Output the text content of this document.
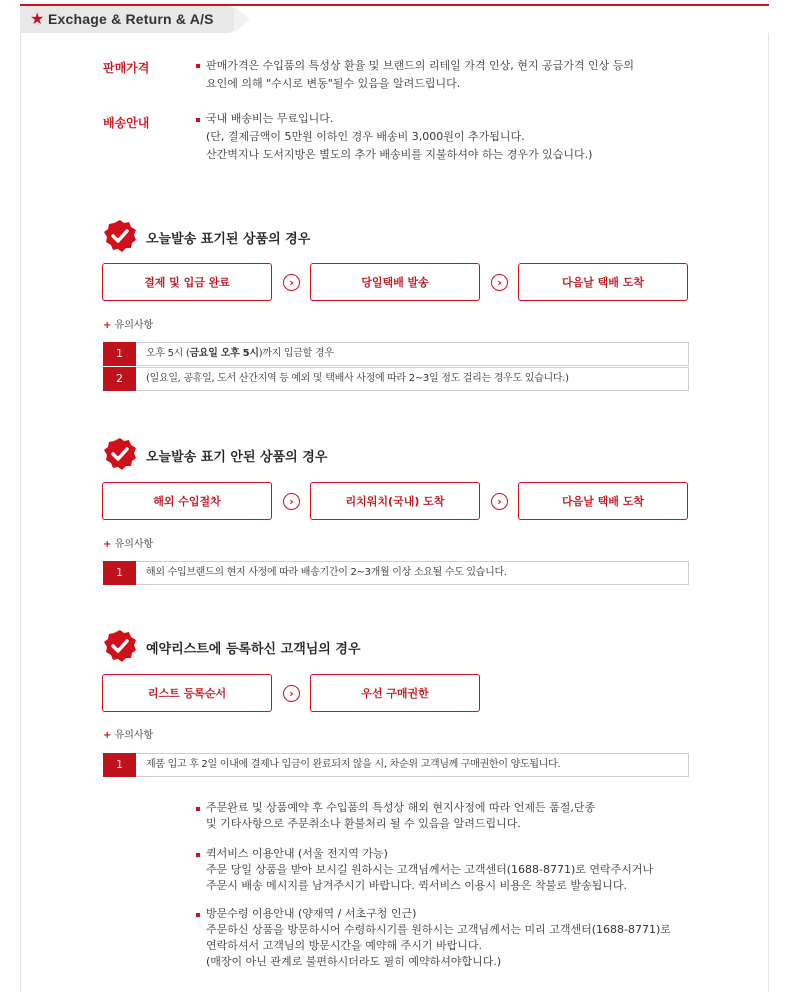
★ Exchage & Return & A/S
판매가격	판매가격은 수입품의 특성상 환율 및 브랜드의 리테일 가격 인상, 현지 공급가격 인상 등의
요인에 의해 "수시로 변동"될수 있음을 알려드립니다.
배송안내	국내 배송비는 무료입니다.
(단, 결제금액이 5만원 이하인 경우 배송비 3,000원이 추가됩니다.
산간벽지나 도서지방은 별도의 추가 배송비를 지불하셔야 하는 경우가 있습니다.)
오늘발송 표기된 상품의 경우
결제 및 입금 완료	›	당일택배 발송	›	다음날 택배 도착
+ 유의사항
1	오후 5시 (금요일 오후 5시)까지 입금할 경우
2	(일요일, 공휴일, 도서 산간지역 등 예외 및 택배사 사정에 따라 2~3일 정도 걸리는 경우도 있습니다.)
오늘발송 표기 안된 상품의 경우
해외 수입절차	›	리치워치(국내) 도착	›	다음날 택배 도착
+ 유의사항
1	해외 수입브랜드의 현지 사정에 따라 배송기간이 2~3개월 이상 소요될 수도 있습니다.
예약리스트에 등록하신 고객님의 경우
리스트 등록순서	›	우선 구매권한
+ 유의사항
1	제품 입고 후 2일 이내에 결제나 입금이 완료되지 않을 시, 차순위 고객님께 구매권한이 양도됩니다.
주문완료 및 상품예약 후 수입품의 특성상 해외 현지사정에 따라 언제든 품절,단종
및 기타사항으로 주문취소나 환불처리 될 수 있음을 알려드립니다.
퀵서비스 이용안내 (서울 전지역 가능)
주문 당일 상품을 받아 보시길 원하시는 고객님께서는 고객센터(1688-8771)로 연락주시거나
주문시 배송 메시지를 남겨주시기 바랍니다. 퀵서비스 이용시 비용은 착불로 발송됩니다.
방문수령 이용안내 (양재역 / 서초구청 인근)
주문하신 상품을 방문하시어 수령하시기를 원하시는 고객님께서는 미리 고객센터(1688-8771)로
연락하셔서 고객님의 방문시간을 예약해 주시기 바랍니다.
(매장이 아닌 관계로 불편하시더라도 필히 예약하셔야합니다.)
